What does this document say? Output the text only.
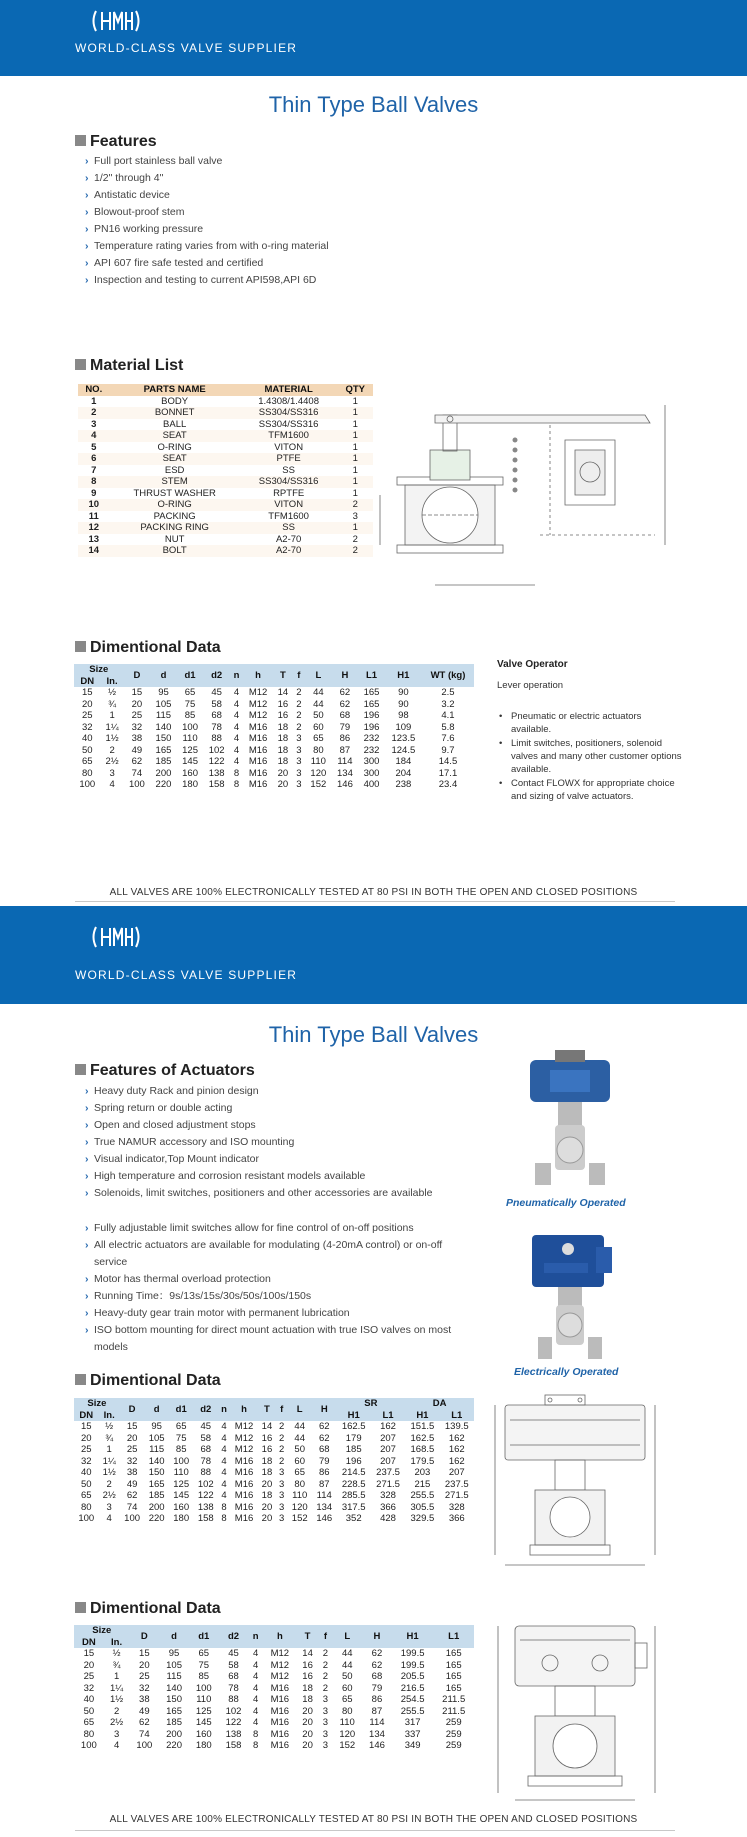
WORLD-CLASS VALVE SUPPLIER
Thin Type Ball Valves
Features
› Full port stainless ball valve
› 1/2" through 4"
› Antistatic device
› Blowout-proof stem
› PN16 working pressure
› Temperature rating varies from with o-ring material
› API 607 fire safe tested and certified
› Inspection and testing to current API598,API 6D
Material List
NO.	PARTS NAME	MATERIAL	QTY
1	BODY	1.4308/1.4408	1
2	BONNET	SS304/SS316	1
3	BALL	SS304/SS316	1
4	SEAT	TFM1600	1
5	O-RING	VITON	1
6	SEAT	PTFE	1
7	ESD	SS	1
8	STEM	SS304/SS316	1
9	THRUST WASHER	RPTFE	1
10	O-RING	VITON	2
11	PACKING	TFM1600	3
12	PACKING RING	SS	1
13	NUT	A2-70	2
14	BOLT	A2-70	2
Dimentional Data
Size		D	d	d1	d2	n	h	T	f	L	H	L1	H1	WT (kg)
DN	In.													
15	½	15	95	65	45	4	M12	14	2	44	62	165	90	2.5
20	¾	20	105	75	58	4	M12	16	2	44	62	165	90	3.2
25	1	25	115	85	68	4	M12	16	2	50	68	196	98	4.1
32	1¼	32	140	100	78	4	M16	18	2	60	79	196	109	5.8
40	1½	38	150	110	88	4	M16	18	3	65	86	232	123.5	7.6
50	2	49	165	125	102	4	M16	18	3	80	87	232	124.5	9.7
65	2½	62	185	145	122	4	M16	18	3	110	114	300	184	14.5
80	3	74	200	160	138	8	M16	20	3	120	134	300	204	17.1
100	4	100	220	180	158	8	M16	20	3	152	146	400	238	23.4
Valve Operator
Lever operation
• Pneumatic or electric actuators available.
• Limit switches, positioners, solenoid valves and many other customer options available.
• Contact FLOWX for appropriate choice and sizing of valve actuators.
ALL VALVES ARE 100% ELECTRONICALLY TESTED AT 80 PSI IN BOTH THE OPEN AND CLOSED POSITIONS
WORLD-CLASS VALVE SUPPLIER
Thin Type Ball Valves
Features of Actuators
› Heavy duty Rack and pinion design
› Spring return or double acting
› Open and closed adjustment stops
› True NAMUR accessory and ISO mounting
› Visual indicator,Top Mount indicator
› High temperature and corrosion resistant models available
› Solenoids, limit switches, positioners and other accessories are available
› Fully adjustable limit switches allow for fine control of on-off positions
› All electric actuators are available for modulating (4-20mA control) or on-off service
› Motor has thermal overload protection
› Running Time：9s/13s/15s/30s/50s/100s/150s
› Heavy-duty gear train motor with permanent lubrication
› ISO bottom mounting for direct mount actuation with true ISO valves on most models
Pneumatically Operated
Electrically Operated
Dimentional Data
Size		D	d	d1	d2	n	h	T	f	L	H	SR		DA	
DN	In.											H1	L1	H1	L1
15	½	15	95	65	45	4	M12	14	2	44	62	162.5	162	151.5	139.5
20	¾	20	105	75	58	4	M12	16	2	44	62	179	207	162.5	162
25	1	25	115	85	68	4	M12	16	2	50	68	185	207	168.5	162
32	1¼	32	140	100	78	4	M16	18	2	60	79	196	207	179.5	162
40	1½	38	150	110	88	4	M16	18	3	65	86	214.5	237.5	203	207
50	2	49	165	125	102	4	M16	20	3	80	87	228.5	271.5	215	237.5
65	2½	62	185	145	122	4	M16	18	3	110	114	285.5	328	255.5	271.5
80	3	74	200	160	138	8	M16	20	3	120	134	317.5	366	305.5	328
100	4	100	220	180	158	8	M16	20	3	152	146	352	428	329.5	366
Dimentional Data
Size		D	d	d1	d2	n	h	T	f	L	H	H1	L1
DN	In.												
15	½	15	95	65	45	4	M12	14	2	44	62	199.5	165
20	¾	20	105	75	58	4	M12	16	2	44	62	199.5	165
25	1	25	115	85	68	4	M12	16	2	50	68	205.5	165
32	1¼	32	140	100	78	4	M16	18	2	60	79	216.5	165
40	1½	38	150	110	88	4	M16	18	3	65	86	254.5	211.5
50	2	49	165	125	102	4	M16	20	3	80	87	255.5	211.5
65	2½	62	185	145	122	4	M16	20	3	110	114	317	259
80	3	74	200	160	138	8	M16	20	3	120	134	337	259
100	4	100	220	180	158	8	M16	20	3	152	146	349	259
ALL VALVES ARE 100% ELECTRONICALLY TESTED AT 80 PSI IN BOTH THE OPEN AND CLOSED POSITIONS
